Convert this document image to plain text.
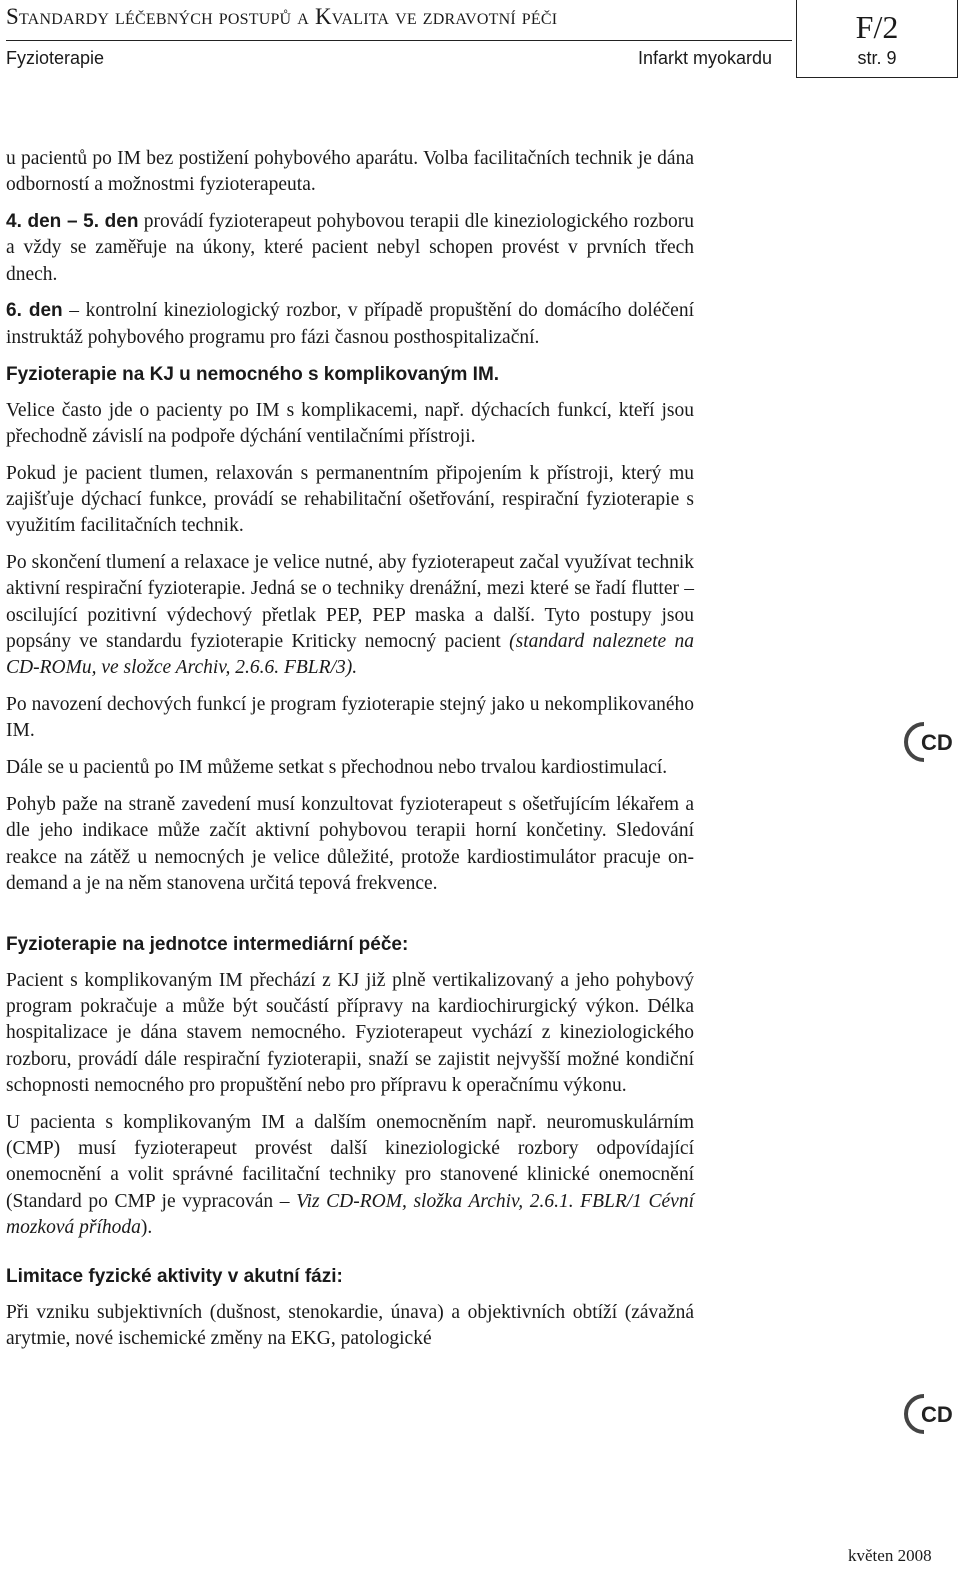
Standardy léčebných postupů a Kvalita ve zdravotní péči
Fyzioterapie	Infarkt myokardu
F/2
str. 9

u pacientů po IM bez postižení pohybového aparátu. Volba facilitačních technik je dána odborností a možnostmi fyzioterapeuta.

4. den – 5. den provádí fyzioterapeut pohybovou terapii dle kineziologického rozboru a vždy se zaměřuje na úkony, které pacient nebyl schopen provést v prvních třech dnech.

6. den – kontrolní kineziologický rozbor, v případě propuštění do domácího doléčení instruktáž pohybového programu pro fázi časnou posthospitalizační.

Fyzioterapie na KJ u nemocného s komplikovaným IM.

Velice často jde o pacienty po IM s komplikacemi, např. dýchacích funkcí, kteří jsou přechodně závislí na podpoře dýchání ventilačními přístroji.

Pokud je pacient tlumen, relaxován s permanentním připojením k přístroji, který mu zajišťuje dýchací funkce, provádí se rehabilitační ošetřování, respirační fyzioterapie s využitím facilitačních technik.

Po skončení tlumení a relaxace je velice nutné, aby fyzioterapeut začal využívat technik aktivní respirační fyzioterapie. Jedná se o techniky drenážní, mezi které se řadí flutter – oscilující pozitivní výdechový přetlak PEP, PEP maska a další. Tyto postupy jsou popsány ve standardu fyzioterapie Kriticky nemocný pacient (standard naleznete na CD-ROMu, ve složce Archiv, 2.6.6. FBLR/3).

Po navození dechových funkcí je program fyzioterapie stejný jako u nekomplikovaného IM.

Dále se u pacientů po IM můžeme setkat s přechodnou nebo trvalou kardiostimulací.

Pohyb paže na straně zavedení musí konzultovat fyzioterapeut s ošetřujícím lékařem a dle jeho indikace může začít aktivní pohybovou terapii horní končetiny. Sledování reakce na zátěž u nemocných je velice důležité, protože kardiostimulátor pracuje on-demand a je na něm stanovena určitá tepová frekvence.

Fyzioterapie na jednotce intermediární péče:

Pacient s komplikovaným IM přechází z KJ již plně vertikalizovaný a jeho pohybový program pokračuje a může být součástí přípravy na kardiochirurgický výkon. Délka hospitalizace je dána stavem nemocného. Fyzioterapeut vychází z kineziologického rozboru, provádí dále respirační fyzioterapii, snaží se zajistit nejvyšší možné kondiční schopnosti nemocného pro propuštění nebo pro přípravu k operačnímu výkonu.

U pacienta s komplikovaným IM a dalším onemocněním např. neuromuskulárním (CMP) musí fyzioterapeut provést další kineziologické rozbory odpovídající onemocnění a volit správné facilitační techniky pro stanovené klinické onemocnění (Standard po CMP je vypracován – Viz CD-ROM, složka Archiv, 2.6.1. FBLR/1 Cévní mozková příhoda).

Limitace fyzické aktivity v akutní fázi:

Při vzniku subjektivních (dušnost, stenokardie, únava) a objektivních obtíží (závažná arytmie, nové ischemické změny na EKG, patologické

CD
CD
květen 2008
